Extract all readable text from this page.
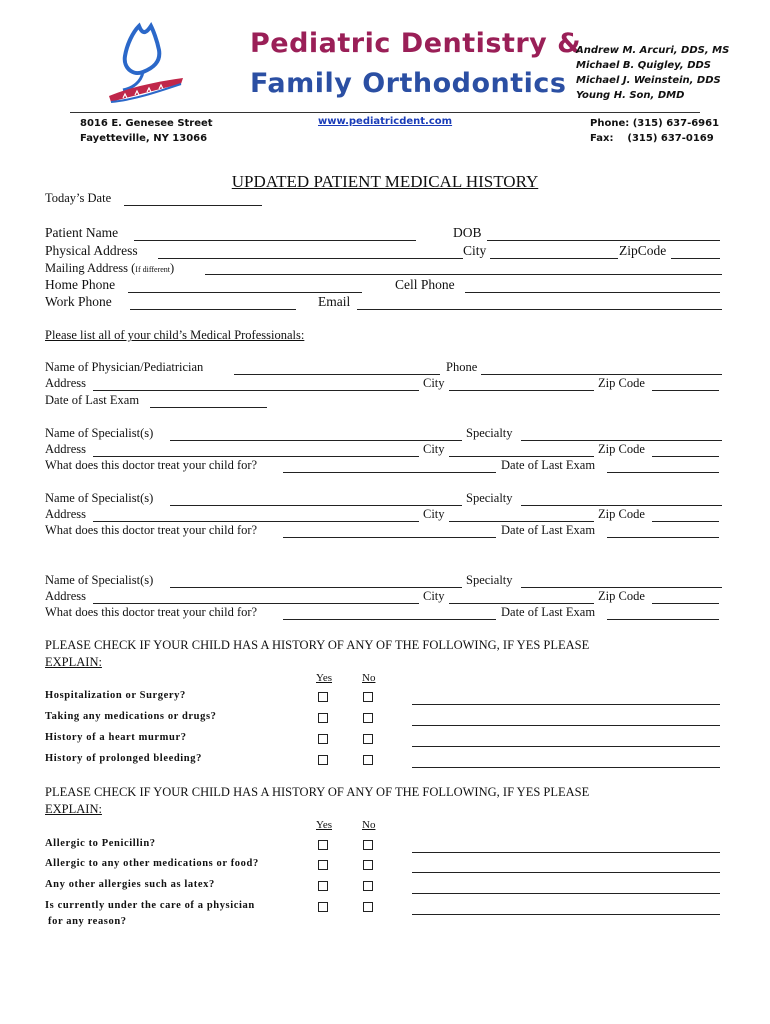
Pediatric Dentistry &
Family Orthodontics
Andrew M. Arcuri, DDS, MS
Michael B. Quigley, DDS
Michael J. Weinstein, DDS
Young H. Son, DMD
8016 E. Genesee Street
Fayetteville, NY 13066
www.pediatricdent.com	Phone: (315) 637-6961
Fax:    (315) 637-0169
UPDATED PATIENT MEDICAL HISTORY
Today’s Date
Patient Name	DOB
Physical Address	City	ZipCode
Mailing Address (If different)
Home Phone	Cell Phone
Work Phone	Email
Please list all of your child’s Medical Professionals:
Name of Physician/Pediatrician	Phone
Address	City	Zip Code
Date of Last Exam
Name of Specialist(s)	Specialty
Address	City	Zip Code
What does this doctor treat your child for?	Date of Last Exam
Name of Specialist(s)	Specialty
Address	City	Zip Code
What does this doctor treat your child for?	Date of Last Exam
Name of Specialist(s)	Specialty
Address	City	Zip Code
What does this doctor treat your child for?	Date of Last Exam
PLEASE CHECK IF YOUR CHILD HAS A HISTORY OF ANY OF THE FOLLOWING, IF YES PLEASE
EXPLAIN:
Yes	No
Hospitalization or Surgery?
Taking any medications or drugs?
History of a heart murmur?
History of prolonged bleeding?
PLEASE CHECK IF YOUR CHILD HAS A HISTORY OF ANY OF THE FOLLOWING, IF YES PLEASE
EXPLAIN:
Yes	No
Allergic to Penicillin?
Allergic to any other medications or food?
Any other allergies such as latex?
Is currently under the care of a physician
for any reason?
